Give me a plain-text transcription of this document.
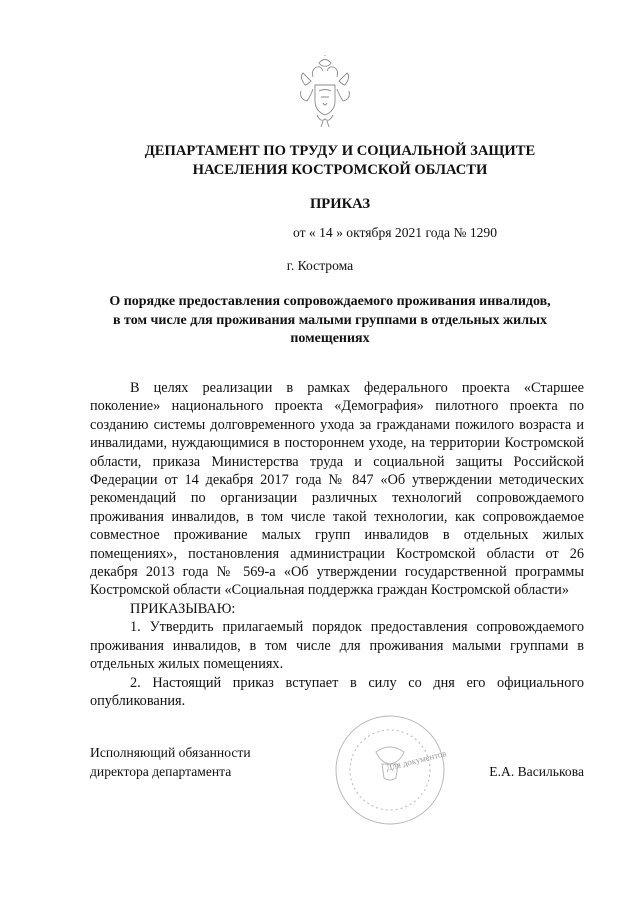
ДЕПАРТАМЕНТ ПО ТРУДУ И СОЦИАЛЬНОЙ ЗАЩИТЕ
НАСЕЛЕНИЯ КОСТРОМСКОЙ ОБЛАСТИ
ПРИКАЗ
от « 14 » октября 2021 года № 1290
г. Кострома
О порядке предоставления сопровождаемого проживания инвалидов,
в том числе для проживания малыми группами в отдельных жилых
помещениях

В целях реализации в рамках федерального проекта «Старшее поколение» национального проекта «Демография» пилотного проекта по созданию системы долговременного ухода за гражданами пожилого возраста и инвалидами, нуждающимися в постороннем уходе, на территории Костромской области, приказа Министерства труда и социальной защиты Российской Федерации от 14 декабря 2017 года № 847 «Об утверждении методических рекомендаций по организации различных технологий сопровождаемого проживания инвалидов, в том числе такой технологии, как сопровождаемое совместное проживание малых групп инвалидов в отдельных жилых помещениях», постановления администрации Костромской области от 26 декабря 2013 года № 569-а «Об утверждении государственной программы Костромской области «Социальная поддержка граждан Костромской области»

ПРИКАЗЫВАЮ:

1. Утвердить прилагаемый порядок предоставления сопровождаемого проживания инвалидов, в том числе для проживания малыми группами в отдельных жилых помещениях.

2. Настоящий приказ вступает в силу со дня его официального опубликования.

Для документов
Исполняющий обязанности
директора департамента	Е.А. Василькова
